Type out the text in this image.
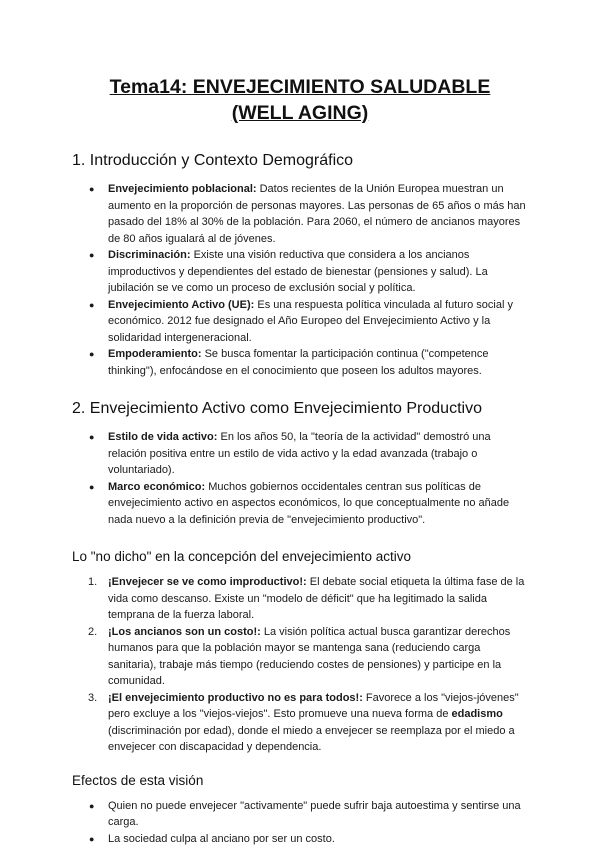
Tema14: ENVEJECIMIENTO SALUDABLE
(WELL AGING)
1. Introducción y Contexto Demográfico
● Envejecimiento poblacional: Datos recientes de la Unión Europea muestran un aumento en la proporción de personas mayores. Las personas de 65 años o más han pasado del 18% al 30% de la población. Para 2060, el número de ancianos mayores de 80 años igualará al de jóvenes.
● Discriminación: Existe una visión reductiva que considera a los ancianos improductivos y dependientes del estado de bienestar (pensiones y salud). La jubilación se ve como un proceso de exclusión social y política.
● Envejecimiento Activo (UE): Es una respuesta política vinculada al futuro social y económico. 2012 fue designado el Año Europeo del Envejecimiento Activo y la solidaridad intergeneracional.
● Empoderamiento: Se busca fomentar la participación continua ("competence thinking"), enfocándose en el conocimiento que poseen los adultos mayores.
2. Envejecimiento Activo como Envejecimiento Productivo
● Estilo de vida activo: En los años 50, la "teoría de la actividad" demostró una relación positiva entre un estilo de vida activo y la edad avanzada (trabajo o voluntariado).
● Marco económico: Muchos gobiernos occidentales centran sus políticas de envejecimiento activo en aspectos económicos, lo que conceptualmente no añade nada nuevo a la definición previa de "envejecimiento productivo".
Lo "no dicho" en la concepción del envejecimiento activo
1. ¡Envejecer se ve como improductivo!: El debate social etiqueta la última fase de la vida como descanso. Existe un "modelo de déficit" que ha legitimado la salida temprana de la fuerza laboral.
2. ¡Los ancianos son un costo!: La visión política actual busca garantizar derechos humanos para que la población mayor se mantenga sana (reduciendo carga sanitaria), trabaje más tiempo (reduciendo costes de pensiones) y participe en la comunidad.
3. ¡El envejecimiento productivo no es para todos!: Favorece a los "viejos-jóvenes" pero excluye a los "viejos-viejos". Esto promueve una nueva forma de edadismo (discriminación por edad), donde el miedo a envejecer se reemplaza por el miedo a envejecer con discapacidad y dependencia.
Efectos de esta visión
● Quien no puede envejecer "activamente" puede sufrir baja autoestima y sentirse una carga.
● La sociedad culpa al anciano por ser un costo.
